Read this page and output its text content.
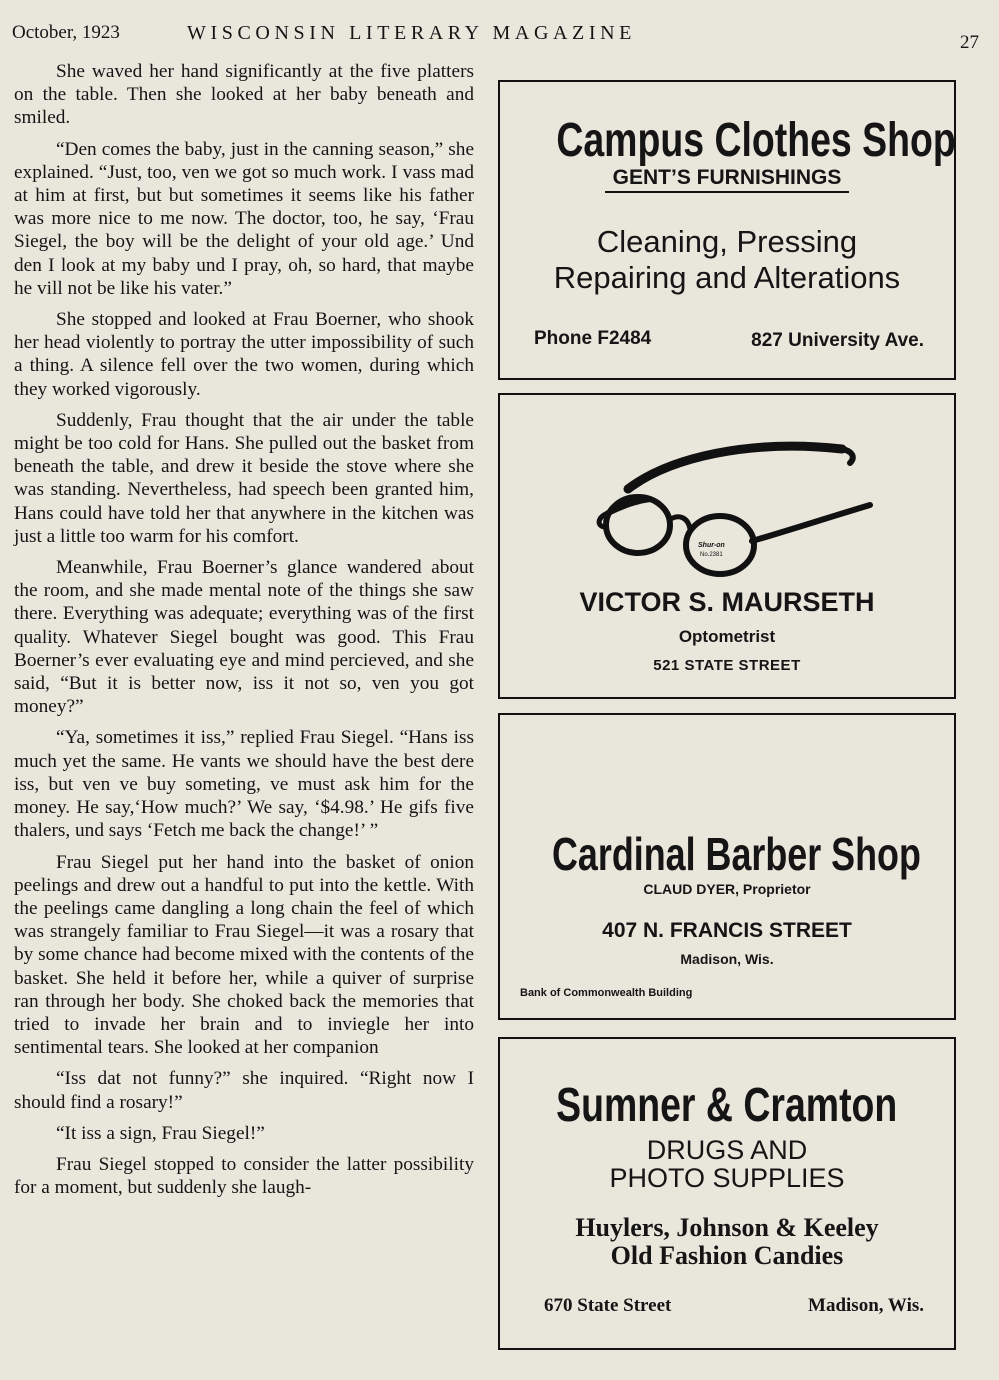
October, 1923	WISCONSIN LITERARY MAGAZINE	27

She waved her hand significantly at the five platters on the table. Then she looked at her baby beneath and smiled.

“Den comes the baby, just in the canning season,” she explained. “Just, too, ven we got so much work. I vass mad at him at first, but but sometimes it seems like his father was more nice to me now. The doctor, too, he say, ‘Frau Siegel, the boy will be the delight of your old age.’ Und den I look at my baby und I pray, oh, so hard, that maybe he vill not be like his vater.”

She stopped and looked at Frau Boerner, who shook her head violently to portray the utter impossibility of such a thing. A silence fell over the two women, during which they worked vigorously.

Suddenly, Frau thought that the air under the table might be too cold for Hans. She pulled out the basket from beneath the table, and drew it beside the stove where she was standing. Nevertheless, had speech been granted him, Hans could have told her that anywhere in the kitchen was just a little too warm for his comfort.

Meanwhile, Frau Boerner’s glance wandered about the room, and she made mental note of the things she saw there. Everything was adequate; everything was of the first quality. Whatever Siegel bought was good. This Frau Boerner’s ever evaluating eye and mind percieved, and she said, “But it is better now, iss it not so, ven you got money?”

“Ya, sometimes it iss,” replied Frau Siegel. “Hans iss much yet the same. He vants we should have the best dere iss, but ven ve buy someting, ve must ask him for the money. He say,‘How much?’ We say, ‘$4.98.’ He gifs five thalers, und says ‘Fetch me back the change!’ ”

Frau Siegel put her hand into the basket of onion peelings and drew out a handful to put into the kettle. With the peelings came dangling a long chain the feel of which was strangely familiar to Frau Siegel—it was a rosary that by some chance had become mixed with the contents of the basket. She held it before her, while a quiver of surprise ran through her body. She choked back the memories that tried to invade her brain and to inviegle her into sentimental tears. She looked at her companion

“Iss dat not funny?” she inquired. “Right now I should find a rosary!”

“It iss a sign, Frau Siegel!”

Frau Siegel stopped to consider the latter possibility for a moment, but suddenly she laugh-

Campus Clothes Shop
GENT’S FURNISHINGS
Cleaning, Pressing
Repairing and Alterations
Phone F2484	827 University Ave.
Shur-on
No.2381
VICTOR S. MAURSETH
Optometrist
521 STATE STREET
Cardinal Barber Shop
CLAUD DYER, Proprietor
407 N. FRANCIS STREET
Madison, Wis.
Bank of Commonwealth Building
Sumner & Cramton
DRUGS AND
PHOTO SUPPLIES
Huylers, Johnson & Keeley
Old Fashion Candies
670 State Street	Madison, Wis.
